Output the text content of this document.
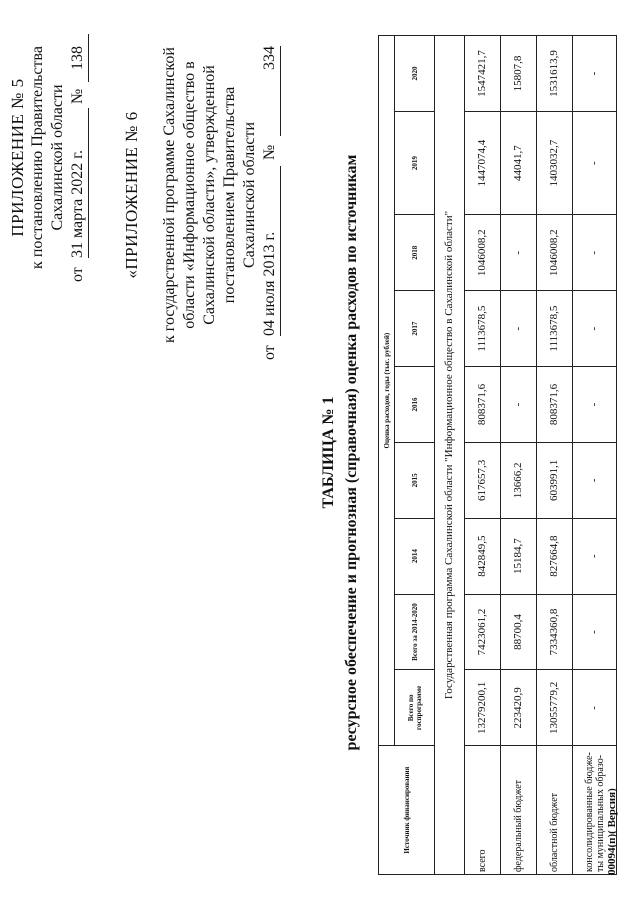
ПРИЛОЖЕНИЕ № 5 к постановлению Правительства Сахалинской области
от
31 марта 2022 г.
№
138
«ПРИЛОЖЕНИЕ № 6 к государственной программе Сахалинской области «Информационное общество в Сахалинской области», утвержденной постановлением Правительства Сахалинской области
от
04 июля 2013 г.
№
334
ТАБЛИЦА № 1 ресурсное обеспечение и прогнозная (справочная) оценка расходов по источникам
Источник финансирования	Оценка расходов, годы (тыс. рублей)								
	Всего по госпрограмме	Всего за 2014-2020	2014	2015	2016	2017	2018	2019	2020
Государственная программа Сахалинской области "Информационное общество в Сахалинской области"									
всего	13279200,1	7423061,2	842849,5	617657,3	808371,6	1113678,5	1046008,2	1447074,4	1547421,7
федеральный бюджет	223420,9	88700,4	15184,7	13666,2	-	-	-	44041,7	15807,8
областной бюджет	13055779,2	7334360,8	827664,8	603991,1	808371,6	1113678,5	1046008,2	1403032,7	1531613,9
консолидированные бюдже-ты муниципальных образо-	-	-	-	-	-	-	-	-	-
00094(п)( Версия)
